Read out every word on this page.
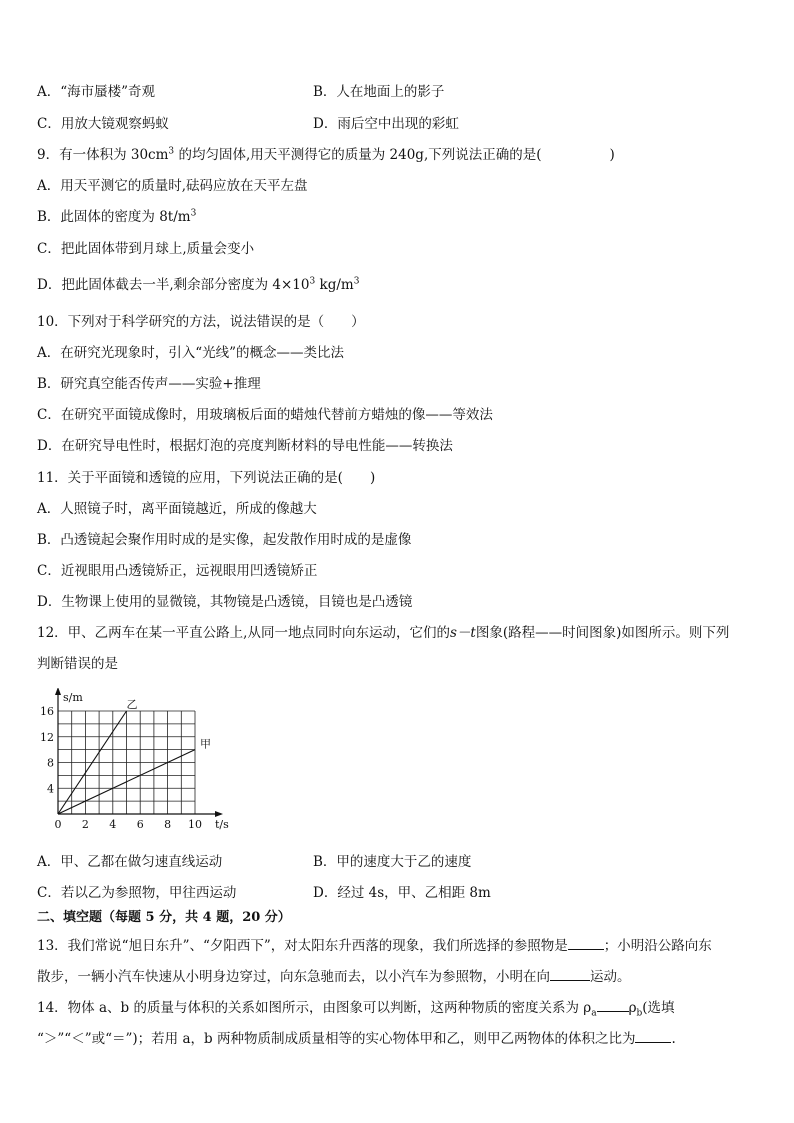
A．“海市蜃楼”奇观	B．人在地面上的影子
C．用放大镜观察蚂蚁	D．雨后空中出现的彩虹
9．有一体积为 $30cm^3$ 的均匀固体,用天平测得它的质量为 240g,下列说法正确的是(	)
A．用天平测它的质量时,砝码应放在天平左盘
B．此固体的密度为 $8t/m^3$
C．把此固体带到月球上,质量会变小
D．把此固体截去一半,剩余部分密度为 $4\times 10^3$ $kg/m^3$
10．下列对于科学研究的方法，说法错误的是（　　）
A．在研究光现象时，引入“光线”的概念——类比法
B．研究真空能否传声——实验+推理
C．在研究平面镜成像时，用玻璃板后面的蜡烛代替前方蜡烛的像——等效法
D．在研究导电性时，根据灯泡的亮度判断材料的导电性能——转换法
11．关于平面镜和透镜的应用，下列说法正确的是(　　)
A．人照镜子时，离平面镜越近，所成的像越大
B．凸透镜起会聚作用时成的是实像，起发散作用时成的是虚像
C．近视眼用凸透镜矫正，远视眼用凹透镜矫正
D．生物课上使用的显微镜，其物镜是凸透镜，目镜也是凸透镜
12．甲、乙两车在某一平直公路上,从同一地点同时向东运动，它们的s－t图象(路程——时间图象)如图所示。则下列
判断错误的是
0 2 4 6 8 10
4
8
12
16
乙
甲
s/m
t/s
A．甲、乙都在做匀速直线运动	B．甲的速度大于乙的速度
C．若以乙为参照物，甲往西运动	D．经过 4s，甲、乙相距 8m
二、填空题（每题 5 分，共 4 题，20 分）
13．我们常说“旭日东升”、“夕阳西下”，对太阳东升西落的现象，我们所选择的参照物是	；小明沿公路向东
散步，一辆小汽车快速从小明身边穿过，向东急驰而去，以小汽车为参照物，小明在向	运动。
14．物体 a、b 的质量与体积的关系如图所示，由图象可以判断，这两种物质的密度关系为 $\rho_a$ $\rho_b$(选填
“＞”“＜”或“＝”)；若用 a，b 两种物质制成质量相等的实心物体甲和乙，则甲乙两物体的体积之比为	.
